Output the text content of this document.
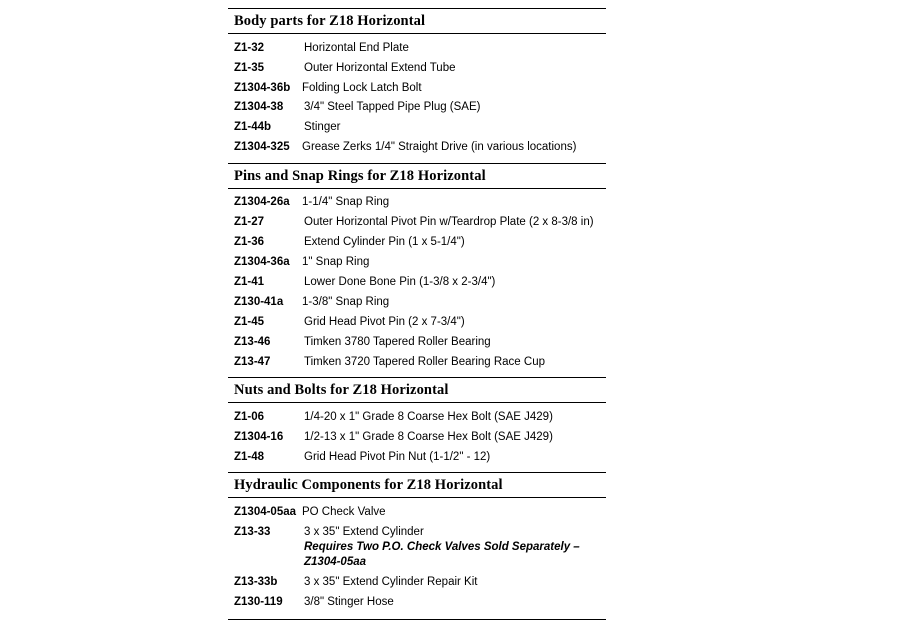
Body parts for Z18 Horizontal
Z1-32	Horizontal End Plate
Z1-35	Outer Horizontal Extend Tube
Z1304-36b	Folding Lock Latch Bolt
Z1304-38	3/4" Steel Tapped Pipe Plug (SAE)
Z1-44b	Stinger
Z1304-325	Grease Zerks 1/4" Straight Drive (in various locations)
Pins and Snap Rings for Z18 Horizontal
Z1304-26a	1-1/4" Snap Ring
Z1-27	Outer Horizontal Pivot Pin w/Teardrop Plate (2 x 8-3/8 in)
Z1-36	Extend Cylinder Pin (1 x 5-1/4")
Z1304-36a	1" Snap Ring
Z1-41	Lower Done Bone Pin (1-3/8 x 2-3/4")
Z130-41a	1-3/8" Snap Ring
Z1-45	Grid Head Pivot Pin (2 x 7-3/4")
Z13-46	Timken 3780 Tapered Roller Bearing
Z13-47	Timken 3720 Tapered Roller Bearing Race Cup
Nuts and Bolts for Z18 Horizontal
Z1-06	1/4-20 x 1" Grade 8 Coarse Hex Bolt (SAE J429)
Z1304-16	1/2-13 x 1" Grade 8 Coarse Hex Bolt (SAE J429)
Z1-48	Grid Head Pivot Pin Nut (1-1/2" - 12)
Hydraulic Components for Z18 Horizontal
Z1304-05aa PO Check Valve
Z13-33	3 x 35" Extend Cylinder
Requires Two P.O. Check Valves Sold Separately – Z1304-05aa
Z13-33b	3 x 35" Extend Cylinder Repair Kit
Z130-119	3/8" Stinger Hose
